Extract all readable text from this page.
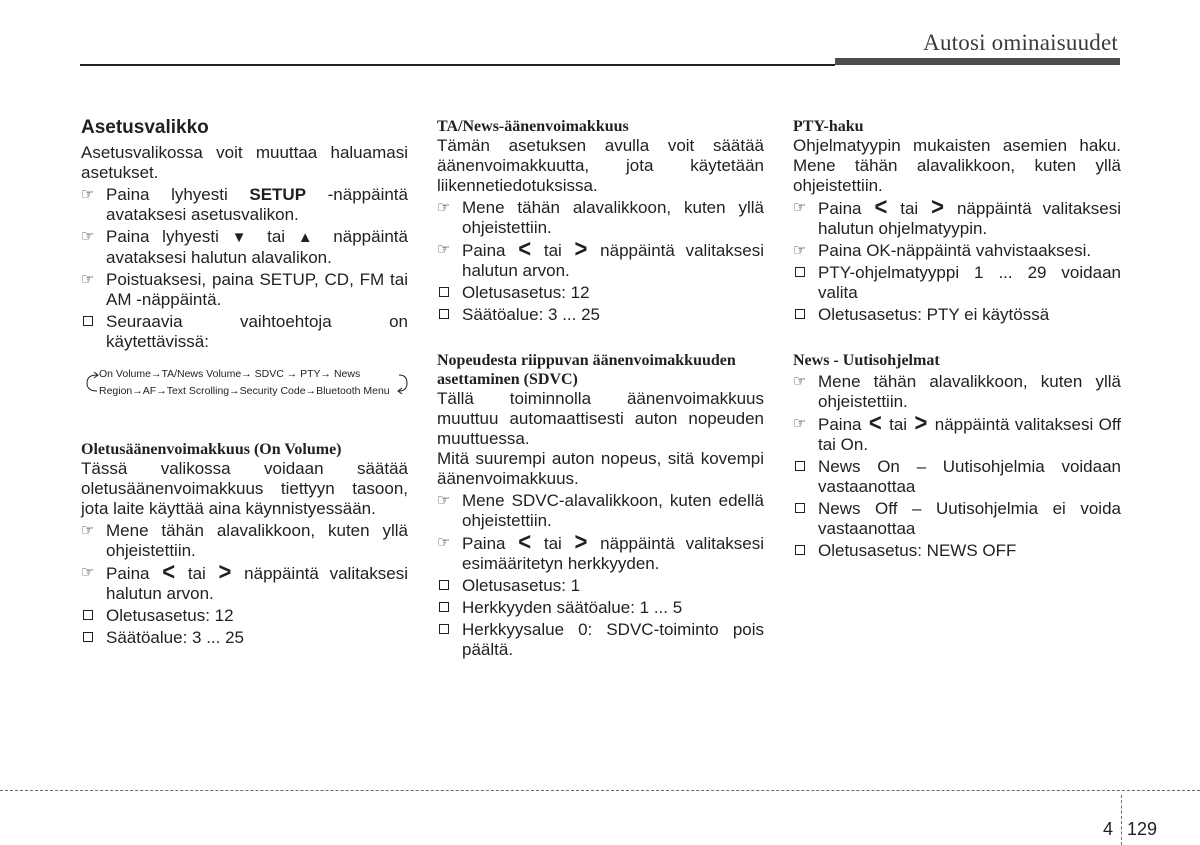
Autosi ominaisuudet
Asetusvalikko

Asetusvalikossa voit muuttaa haluamasi asetukset.

☞ Paina lyhyesti SETUP -näppäintä avataksesi asetusvalikon.
☞ Paina lyhyesti ▼ tai ▲ näppäintä avataksesi halutun alavalikon.
☞ Poistuaksesi, paina SETUP, CD, FM tai AM -näppäintä.
Seuraavia vaihtoehtoja on käytettävissä:
On Volume→TA/News Volume→ SDVC → PTY→ News
Region→AF→Text Scrolling→Security Code→Bluetooth Menu
Oletusäänenvoimakkuus (On Volume)

Tässä valikossa voidaan säätää oletusäänenvoimakkuus tiettyyn tasoon, jota laite käyttää aina käynnistyessään.

☞ Mene tähän alavalikkoon, kuten yllä ohjeistettiin.
☞ Paina < tai > näppäintä valitaksesi halutun arvon.
Oletusasetus: 12
Säätöalue: 3 ... 25
TA/News-äänenvoimakkuus

Tämän asetuksen avulla voit säätää äänenvoimakkuutta, jota käytetään liikennetiedotuksissa.

☞ Mene tähän alavalikkoon, kuten yllä ohjeistettiin.
☞ Paina < tai > näppäintä valitaksesi halutun arvon.
Oletusasetus: 12
Säätöalue: 3 ... 25
Nopeudesta riippuvan äänenvoimakkuuden asettaminen (SDVC)

Tällä toiminnolla äänenvoimakkuus muuttuu automaattisesti auton nopeuden muuttuessa.

Mitä suurempi auton nopeus, sitä kovempi äänenvoimakkuus.

☞ Mene SDVC-alavalikkoon, kuten edellä ohjeistettiin.
☞ Paina < tai > näppäintä valitaksesi esimääritetyn herkkyyden.
Oletusasetus: 1
Herkkyyden säätöalue: 1 ... 5
Herkkyysalue 0: SDVC-toiminto pois päältä.
PTY-haku

Ohjelmatyypin mukaisten asemien haku. Mene tähän alavalikkoon, kuten yllä ohjeistettiin.

☞ Paina < tai > näppäintä valitaksesi halutun ohjelmatyypin.
☞ Paina OK-näppäintä vahvistaaksesi.
PTY-ohjelmatyyppi 1 ... 29 voidaan valita
Oletusasetus: PTY ei käytössä
News - Uutisohjelmat
☞ Mene tähän alavalikkoon, kuten yllä ohjeistettiin.
☞ Paina < tai > näppäintä valitaksesi Off tai On.
News On – Uutisohjelmia voidaan vastaanottaa
News Off – Uutisohjelmia ei voida vastaanottaa
Oletusasetus: NEWS OFF
4 129
